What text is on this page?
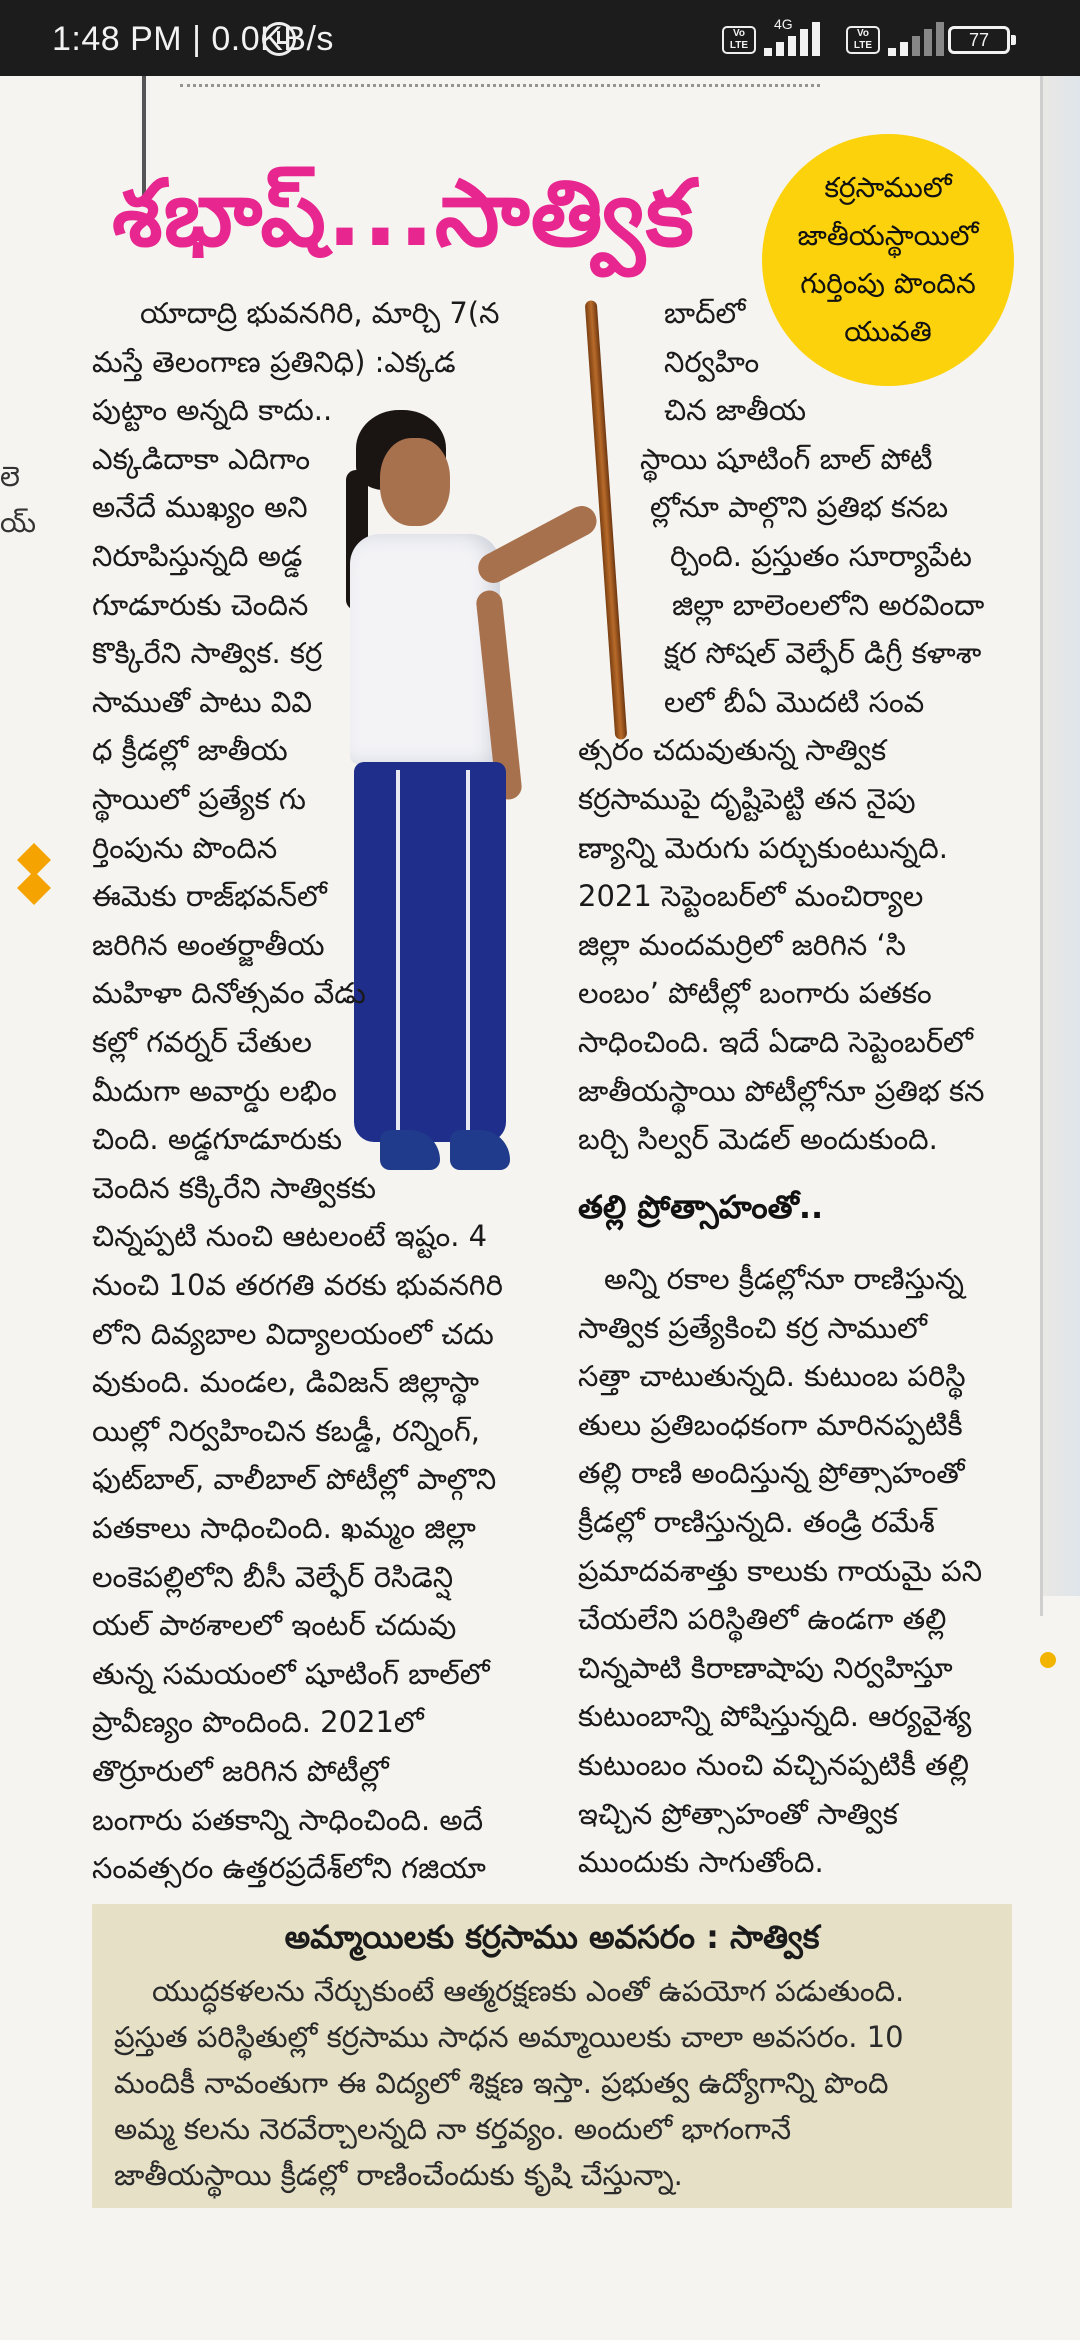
1:48 PM | 0.0KB/s	Vo LTE
4G
Vo LTE	77
లె
య్
శభాష్...సాత్విక	కర్రసాములో
జాతీయస్థాయిలో
గుర్తింపు పొందిన
యువతి
యాదాద్రి భువనగిరి, మార్చి 7(న
మస్తే తెలంగాణ ప్రతినిధి) :ఎక్కడ
పుట్టాం అన్నది కాదు..
ఎక్కడిదాకా ఎదిగాం
అనేదే ముఖ్యం అని
నిరూపిస్తున్నది అడ్డ
గూడూరుకు చెందిన
కొక్కిరేని సాత్విక. కర్ర
సాముతో పాటు వివి
ధ క్రీడల్లో జాతీయ
స్థాయిలో ప్రత్యేక గు
ర్తింపును పొందిన
ఈమెకు రాజ్‌భవన్‌లో
జరిగిన అంతర్జాతీయ
మహిళా దినోత్సవం వేడు
కల్లో గవర్నర్ చేతుల
మీదుగా అవార్డు లభిం
చింది. అడ్డగూడూరుకు
చెందిన కక్కిరేని సాత్వికకు
చిన్నప్పటి నుంచి ఆటలంటే ఇష్టం. 4
నుంచి 10వ తరగతి వరకు భువనగిరి
లోని దివ్యబాల విద్యాలయంలో చదు
వుకుంది. మండల, డివిజన్ జిల్లాస్థా
యిల్లో నిర్వహించిన కబడ్డీ, రన్నింగ్,
ఫుట్‌బాల్, వాలీబాల్ పోటీల్లో పాల్గొని
పతకాలు సాధించింది. ఖమ్మం జిల్లా
లంకెపల్లిలోని బీసీ వెల్ఫేర్ రెసిడెన్షి
యల్ పాఠశాలలో ఇంటర్ చదువు
తున్న సమయంలో షూటింగ్ బాల్‌లో
ప్రావీణ్యం పొందింది. 2021లో
తొర్రూరులో జరిగిన పోటీల్లో
బంగారు పతకాన్ని సాధించింది. అదే
సంవత్సరం ఉత్తరప్రదేశ్‌లోని గజియా
బాద్‌లో
నిర్వహిం
చిన జాతీయ
స్థాయి షూటింగ్ బాల్ పోటీ
ల్లోనూ పాల్గొని ప్రతిభ కనబ
ర్చింది. ప్రస్తుతం సూర్యాపేట
జిల్లా బాలెంలలోని అరవిందా
క్షర సోషల్ వెల్ఫేర్ డిగ్రీ కళాశా
లలో బీఏ మొదటి సంవ
త్సరం చదువుతున్న సాత్విక
కర్రసాముపై దృష్టిపెట్టి తన నైపు
ణ్యాన్ని మెరుగు పర్చుకుంటున్నది.
2021 సెప్టెంబర్‌లో మంచిర్యాల
జిల్లా మందమర్రిలో జరిగిన ‘సి
లంబం’ పోటీల్లో బంగారు పతకం
సాధించింది. ఇదే ఏడాది సెప్టెంబర్‌లో
జాతీయస్థాయి పోటీల్లోనూ ప్రతిభ కన
బర్చి సిల్వర్ మెడల్ అందుకుంది.
తల్లి ప్రోత్సాహంతో..
అన్ని రకాల క్రీడల్లోనూ రాణిస్తున్న
సాత్విక ప్రత్యేకించి కర్ర సాములో
సత్తా చాటుతున్నది. కుటుంబ పరిస్థి
తులు ప్రతిబంధకంగా మారినప్పటికీ
తల్లి రాణి అందిస్తున్న ప్రోత్సాహంతో
క్రీడల్లో రాణిస్తున్నది. తండ్రి రమేశ్
ప్రమాదవశాత్తు కాలుకు గాయమై పని
చేయలేని పరిస్థితిలో ఉండగా తల్లి
చిన్నపాటి కిరాణాషాపు నిర్వహిస్తూ
కుటుంబాన్ని పోషిస్తున్నది. ఆర్యవైశ్య
కుటుంబం నుంచి వచ్చినప్పటికీ తల్లి
ఇచ్చిన ప్రోత్సాహంతో సాత్విక
ముందుకు సాగుతోంది.
అమ్మాయిలకు కర్రసాము అవసరం : సాత్విక
యుద్ధకళలను నేర్చుకుంటే ఆత్మరక్షణకు ఎంతో ఉపయోగ పడుతుంది.
ప్రస్తుత పరిస్థితుల్లో కర్రసాము సాధన అమ్మాయిలకు చాలా అవసరం. 10
మందికీ నావంతుగా ఈ విద్యలో శిక్షణ ఇస్తా. ప్రభుత్వ ఉద్యోగాన్ని పొంది
అమ్మ కలను నెరవేర్చాలన్నది నా కర్తవ్యం. అందులో భాగంగానే
జాతీయస్థాయి క్రీడల్లో రాణించేందుకు కృషి చేస్తున్నా.
